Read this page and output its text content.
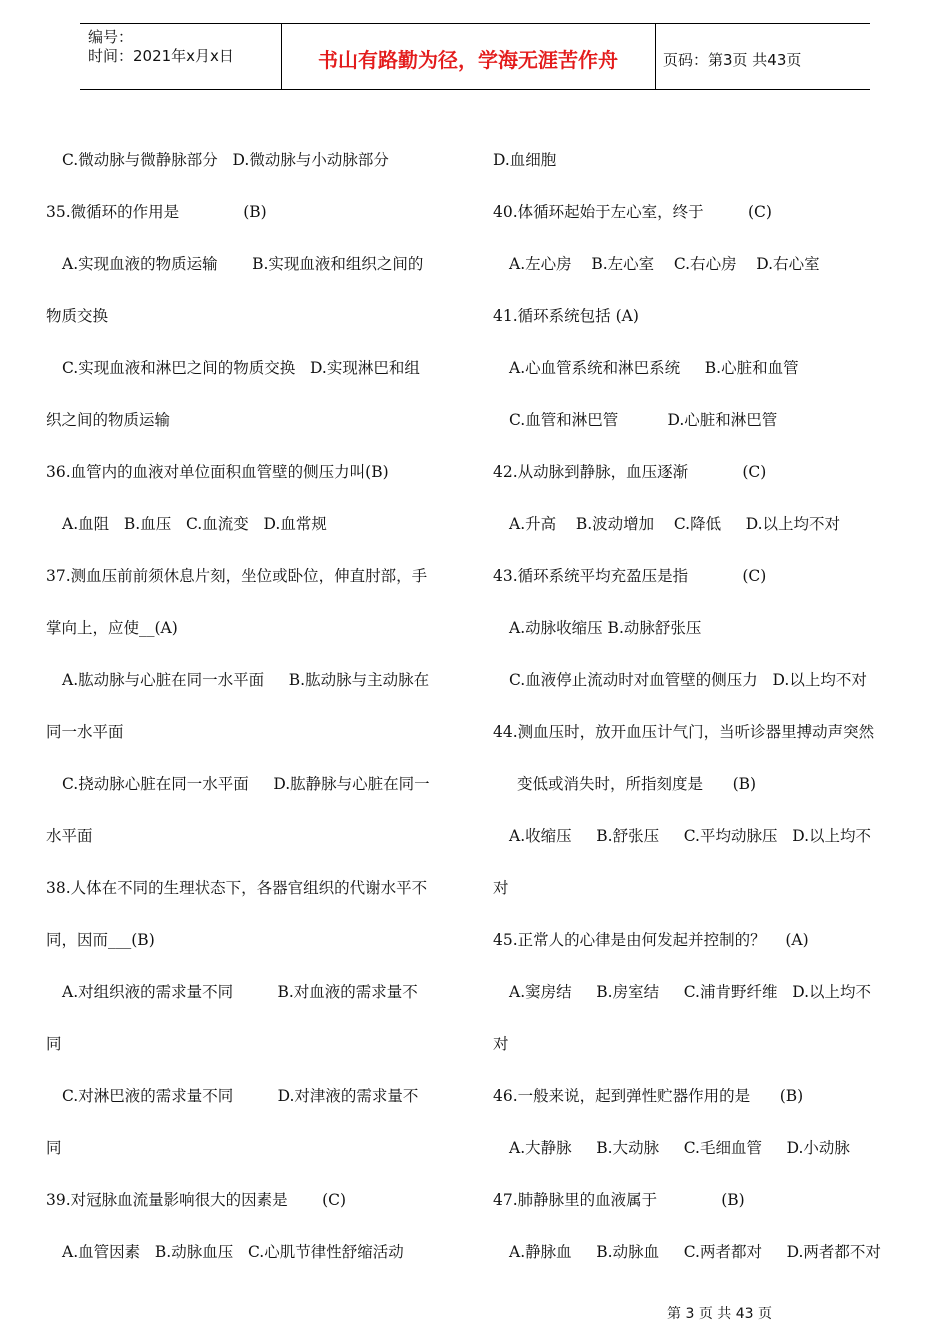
编号：
时间：2021年x月x日	书山有路勤为径，学海无涯苦作舟	页码：第3页 共43页
C.微动脉与微静脉部分   D.微动脉与小动脉部分
35.微循环的作用是             (B)
A.实现血液的物质运输       B.实现血液和组织之间的
物质交换
C.实现血液和淋巴之间的物质交换   D.实现淋巴和组
织之间的物质运输
36.血管内的血液对单位面积血管壁的侧压力叫(B)
A.血阻   B.血压   C.血流变   D.血常规
37.测血压前前须休息片刻，坐位或卧位，伸直肘部，手
掌向上，应使__(A)
A.肱动脉与心脏在同一水平面     B.肱动脉与主动脉在
同一水平面
C.挠动脉心脏在同一水平面     D.肱静脉与心脏在同一
水平面
38.人体在不同的生理状态下，各器官组织的代谢水平不
同，因而___(B)
A.对组织液的需求量不同         B.对血液的需求量不
同
C.对淋巴液的需求量不同         D.对津液的需求量不
同
39.对冠脉血流量影响很大的因素是       (C)
A.血管因素   B.动脉血压   C.心肌节律性舒缩活动
D.血细胞
40.体循环起始于左心室，终于         (C)
A.左心房    B.左心室    C.右心房    D.右心室
41.循环系统包括 (A)
A.心血管系统和淋巴系统     B.心脏和血管
C.血管和淋巴管          D.心脏和淋巴管
42.从动脉到静脉，血压逐渐           (C)
A.升高    B.波动增加    C.降低     D.以上均不对
43.循环系统平均充盈压是指           (C)
A.动脉收缩压 B.动脉舒张压
C.血液停止流动时对血管壁的侧压力   D.以上均不对
44.测血压时，放开血压计气门，当听诊器里搏动声突然
变低或消失时，所指刻度是      (B)
A.收缩压     B.舒张压     C.平均动脉压   D.以上均不
对
45.正常人的心律是由何发起并控制的？    (A)
A.窦房结     B.房室结     C.浦肯野纤维   D.以上均不
对
46.一般来说，起到弹性贮器作用的是      (B)
A.大静脉     B.大动脉     C.毛细血管     D.小动脉
47.肺静脉里的血液属于             (B)
A.静脉血     B.动脉血     C.两者都对     D.两者都不对
第 3 页 共 43 页
